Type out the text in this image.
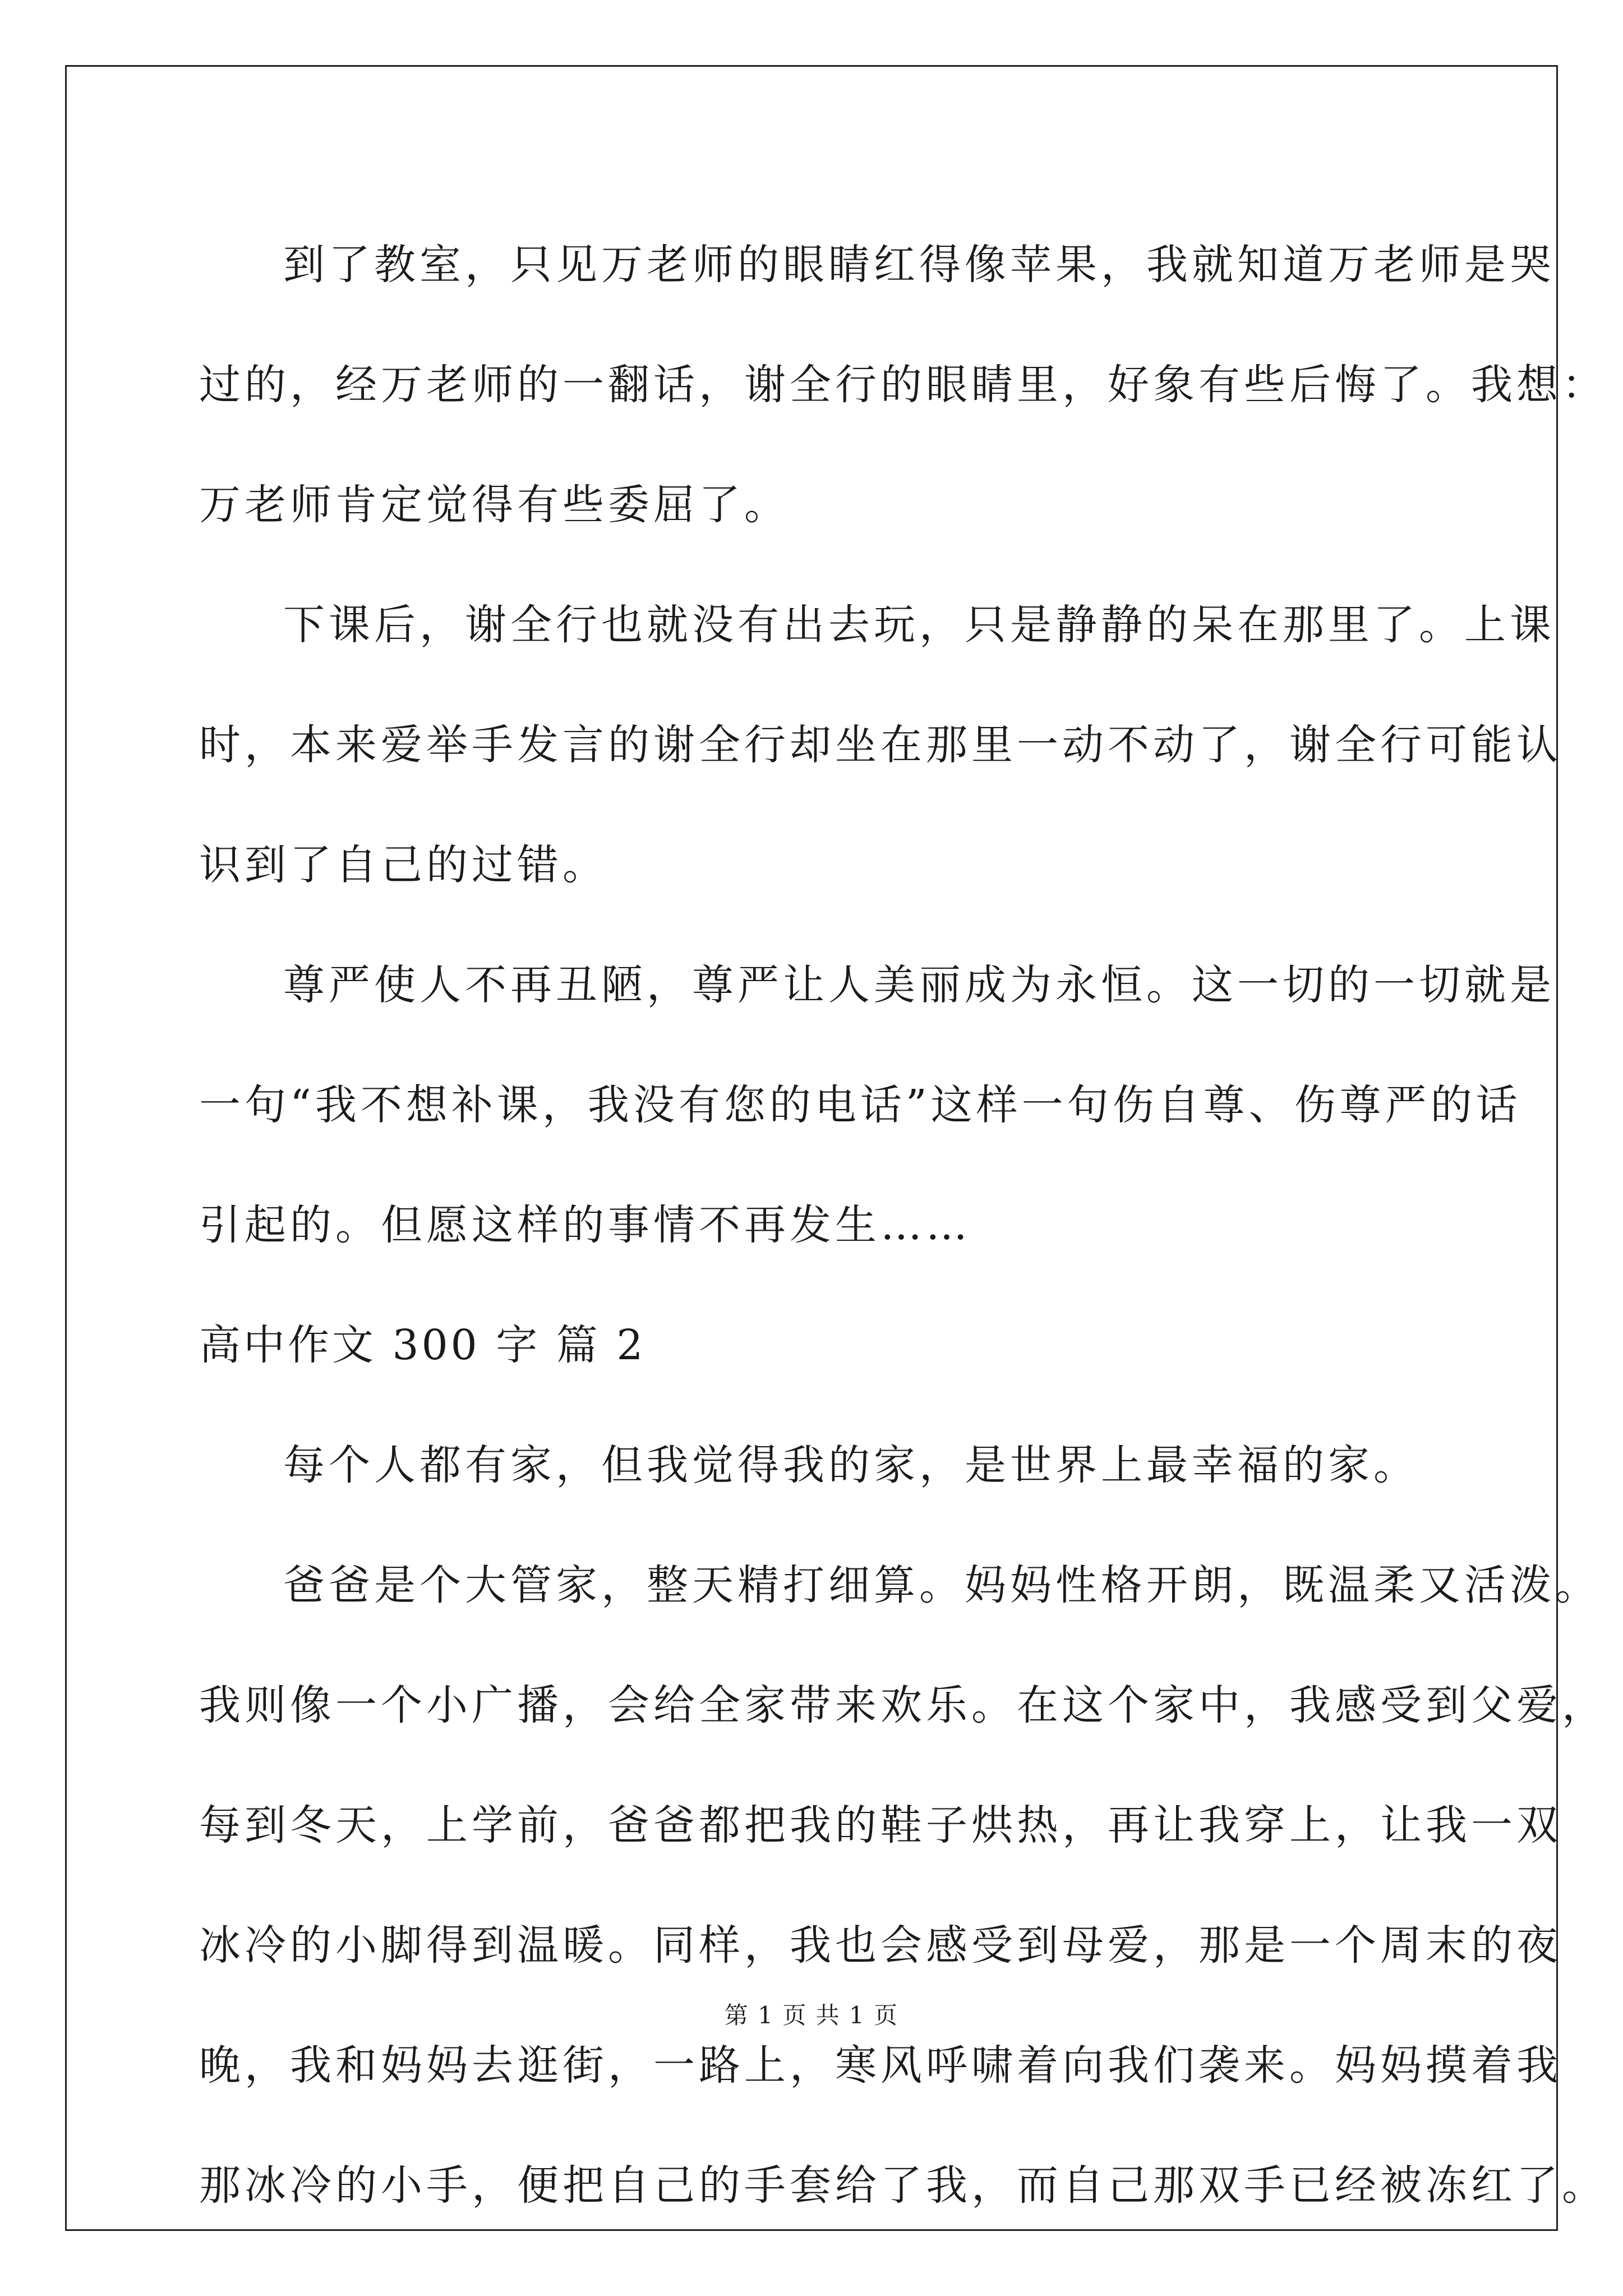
到了教室，只见万老师的眼睛红得像苹果，我就知道万老师是哭
过的，经万老师的一翻话，谢全行的眼睛里，好象有些后悔了。我想：
万老师肯定觉得有些委屈了。
下课后，谢全行也就没有出去玩，只是静静的呆在那里了。上课
时，本来爱举手发言的谢全行却坐在那里一动不动了，谢全行可能认
识到了自己的过错。
尊严使人不再丑陋，尊严让人美丽成为永恒。这一切的一切就是
一句“我不想补课，我没有您的电话”这样一句伤自尊、伤尊严的话
引起的。但愿这样的事情不再发生……
高中作文 300 字 篇 2
每个人都有家，但我觉得我的家，是世界上最幸福的家。
爸爸是个大管家，整天精打细算。妈妈性格开朗，既温柔又活泼。
我则像一个小广播，会给全家带来欢乐。在这个家中，我感受到父爱，
每到冬天，上学前，爸爸都把我的鞋子烘热，再让我穿上，让我一双
冰冷的小脚得到温暖。同样，我也会感受到母爱，那是一个周末的夜
晚，我和妈妈去逛街，一路上，寒风呼啸着向我们袭来。妈妈摸着我
那冰冷的小手，便把自己的手套给了我，而自己那双手已经被冻红了。
第 1 页 共 1 页
